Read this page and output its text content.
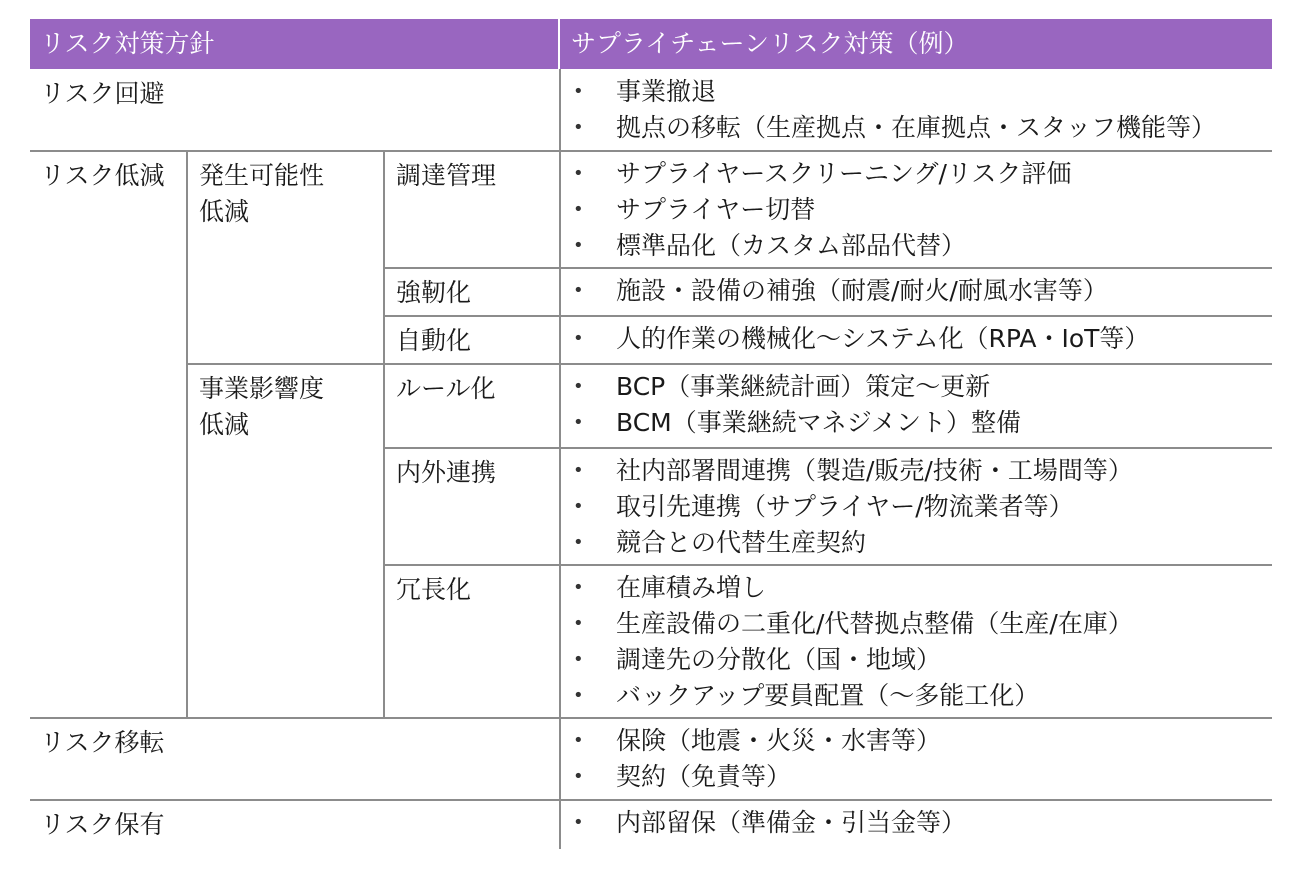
リスク対策方針	サプライチェーンリスク対策（例）
リスク回避
リスク低減 発生可能性
低減
事業影響度
低減
調達管理
強靭化
自動化
ルール化
内外連携
冗長化
リスク移転
リスク保有
• 事業撤退
• 拠点の移転（生産拠点・在庫拠点・スタッフ機能等）
• サプライヤースクリーニング/リスク評価
• サプライヤー切替
• 標準品化（カスタム部品代替）
• 施設・設備の補強（耐震/耐火/耐風水害等）
• 人的作業の機械化～システム化（RPA・IoT等）
• BCP（事業継続計画）策定～更新
• BCM（事業継続マネジメント）整備
• 社内部署間連携（製造/販売/技術・工場間等）
• 取引先連携（サプライヤー/物流業者等）
• 競合との代替生産契約
• 在庫積み増し
• 生産設備の二重化/代替拠点整備（生産/在庫）
• 調達先の分散化（国・地域）
• バックアップ要員配置（～多能工化）
• 保険（地震・火災・水害等）
• 契約（免責等）
• 内部留保（準備金・引当金等）
